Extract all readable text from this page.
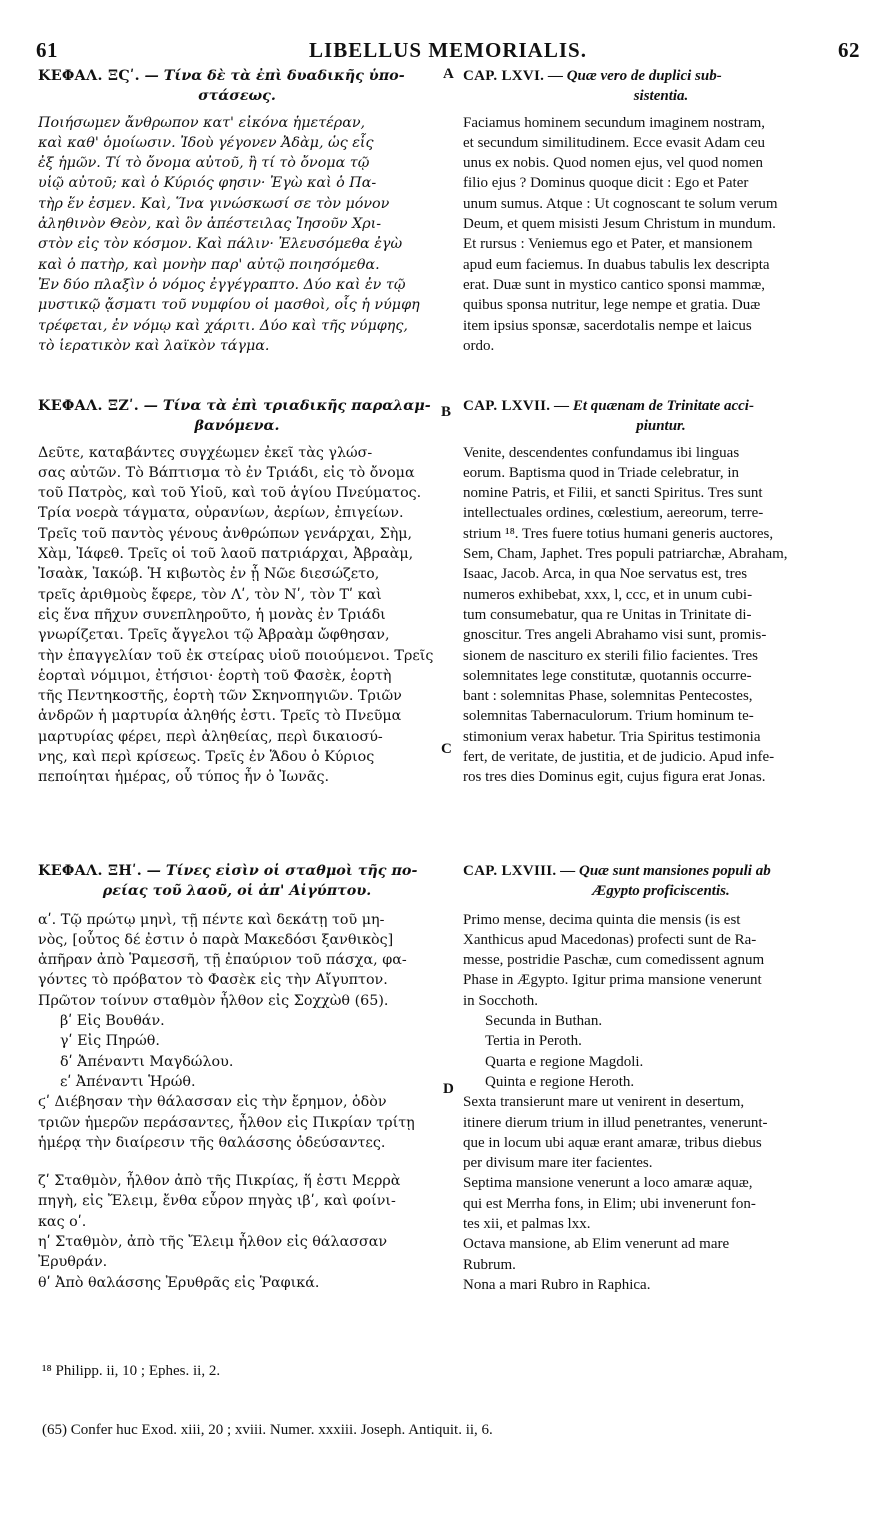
61	LIBELLUS MEMORIALIS.	62
ΚΕΦΑΛ. ΞϚʹ. — Τίνα δὲ τὰ ἐπὶ δυαδικῆς ὑπο-
στάσεως.
Ποιήσωμεν ἄνθρωπον κατ' εἰκόνα ἡμετέραν,
καὶ καθ' ὁμοίωσιν. Ἰδοὺ γέγονεν Ἀδὰμ, ὡς εἷς
ἐξ ἡμῶν. Τί τὸ ὄνομα αὐτοῦ, ἢ τί τὸ ὄνομα τῷ
υἱῷ αὐτοῦ; καὶ ὁ Κύριός φησιν· Ἐγὼ καὶ ὁ Πα-
τὴρ ἕν ἐσμεν. Καὶ, Ἵνα γινώσκωσί σε τὸν μόνον
ἀληθινὸν Θεὸν, καὶ ὃν ἀπέστειλας Ἰησοῦν Χρι-
στὸν εἰς τὸν κόσμον. Καὶ πάλιν· Ἐλευσόμεθα ἐγὼ
καὶ ὁ πατὴρ, καὶ μονὴν παρ' αὐτῷ ποιησόμεθα.
Ἐν δύο πλαξὶν ὁ νόμος ἐγγέγραπτο. Δύο καὶ ἐν τῷ
μυστικῷ ᾄσματι τοῦ νυμφίου οἱ μασθοὶ, οἷς ἡ νύμφη
τρέφεται, ἐν νόμῳ καὶ χάριτι. Δύο καὶ τῆς νύμφης,
τὸ ἱερατικὸν καὶ λαϊκὸν τάγμα.
ΚΕΦΑΛ. ΞΖʹ. — Τίνα τὰ ἐπὶ τριαδικῆς παραλαμ-
βανόμενα.
Δεῦτε, καταβάντες συγχέωμεν ἐκεῖ τὰς γλώσ-
σας αὐτῶν. Τὸ Βάπτισμα τὸ ἐν Τριάδι, εἰς τὸ ὄνομα
τοῦ Πατρὸς, καὶ τοῦ Υἱοῦ, καὶ τοῦ ἁγίου Πνεύματος.
Τρία νοερὰ τάγματα, οὐρανίων, ἀερίων, ἐπιγείων.
Τρεῖς τοῦ παντὸς γένους ἀνθρώπων γενάρχαι, Σὴμ,
Χὰμ, Ἰάφεθ. Τρεῖς οἱ τοῦ λαοῦ πατριάρχαι, Ἀβραὰμ,
Ἰσαὰκ, Ἰακώβ. Ἡ κιβωτὸς ἐν ᾗ Νῶε διεσώζετο,
τρεῖς ἀριθμοὺς ἔφερε, τὸν Λʹ, τὸν Νʹ, τὸν Τʹ καὶ
εἰς ἕνα πῆχυν συνεπληροῦτο, ἡ μονὰς ἐν Τριάδι
γνωρίζεται. Τρεῖς ἄγγελοι τῷ Ἀβραὰμ ὤφθησαν,
τὴν ἐπαγγελίαν τοῦ ἐκ στείρας υἱοῦ ποιούμενοι. Τρεῖς
ἑορταὶ νόμιμοι, ἐτήσιοι· ἑορτὴ τοῦ Φασὲκ, ἑορτὴ
τῆς Πεντηκοστῆς, ἑορτὴ τῶν Σκηνοπηγιῶν. Τριῶν
ἀνδρῶν ἡ μαρτυρία ἀληθής ἐστι. Τρεῖς τὸ Πνεῦμα
μαρτυρίας φέρει, περὶ ἀληθείας, περὶ δικαιοσύ-
νης, καὶ περὶ κρίσεως. Τρεῖς ἐν Ἅδου ὁ Κύριος
πεποίηται ἡμέρας, οὗ τύπος ἦν ὁ Ἰωνᾶς.
ΚΕΦΑΛ. ΞΗʹ. — Τίνες εἰσὶν οἱ σταθμοὶ τῆς πο-
ρείας τοῦ λαοῦ, οἱ ἀπ' Αἰγύπτου.
αʹ. Τῷ πρώτῳ μηνὶ, τῇ πέντε καὶ δεκάτῃ τοῦ μη-
νὸς, [οὗτος δέ ἐστιν ὁ παρὰ Μακεδόσι ξανθικὸς]
ἀπῆραν ἀπὸ Ῥαμεσσῆ, τῇ ἐπαύριον τοῦ πάσχα, φα-
γόντες τὸ πρόβατον τὸ Φασὲκ εἰς τὴν Αἴγυπτον.
Πρῶτον τοίνυν σταθμὸν ἦλθον εἰς Σοχχὼθ (65).
βʹ Εἰς Βουθάν.
γʹ Εἰς Πηρώθ.
δʹ Ἀπέναντι Μαγδώλου.
εʹ Ἀπέναντι Ἡρώθ.
ϛʹ Διέβησαν τὴν θάλασσαν εἰς τὴν ἔρημον, ὁδὸν
τριῶν ἡμερῶν περάσαντες, ἦλθον εἰς Πικρίαν τρίτῃ
ἡμέρᾳ τὴν διαίρεσιν τῆς θαλάσσης ὁδεύσαντες.
ζʹ Σταθμὸν, ἦλθον ἀπὸ τῆς Πικρίας, ἥ ἐστι Μερρὰ
πηγὴ, εἰς Ἔλειμ, ἔνθα εὗρον πηγὰς ιβʹ, καὶ φοίνι-
κας οʹ.
ηʹ Σταθμὸν, ἀπὸ τῆς Ἔλειμ ἦλθον εἰς θάλασσαν
Ἐρυθράν.
θʹ Ἀπὸ θαλάσσης Ἐρυθρᾶς εἰς Ῥαφικά.
CAP. LXVI. — Quæ vero de duplici sub-
sistentia.
Faciamus hominem secundum imaginem nostram,
et secundum similitudinem. Ecce evasit Adam ceu
unus ex nobis. Quod nomen ejus, vel quod nomen
filio ejus ? Dominus quoque dicit : Ego et Pater
unum sumus. Atque : Ut cognoscant te solum verum
Deum, et quem misisti Jesum Christum in mundum.
Et rursus : Veniemus ego et Pater, et mansionem
apud eum faciemus. In duabus tabulis lex descripta
erat. Duæ sunt in mystico cantico sponsi mammæ,
quibus sponsa nutritur, lege nempe et gratia. Duæ
item ipsius sponsæ, sacerdotalis nempe et laicus
ordo.
CAP. LXVII. — Et quænam de Trinitate acci-
piuntur.
Venite, descendentes confundamus ibi linguas
eorum. Baptisma quod in Triade celebratur, in
nomine Patris, et Filii, et sancti Spiritus. Tres sunt
intellectuales ordines, cœlestium, aereorum, terre-
strium ¹⁸. Tres fuere totius humani generis auctores,
Sem, Cham, Japhet. Tres populi patriarchæ, Abraham,
Isaac, Jacob. Arca, in qua Noe servatus est, tres
numeros exhibebat, xxx, l, ccc, et in unum cubi-
tum consumebatur, qua re Unitas in Trinitate di-
gnoscitur. Tres angeli Abrahamo visi sunt, promis-
sionem de nasciturо ex sterili filio facientes. Tres
solemnitates lege constitutæ, quotannis occurre-
bant : solemnitas Phase, solemnitas Pentecostes,
solemnitas Tabernaculorum. Trium hominum te-
stimonium verax habetur. Tria Spiritus testimonia
fert, de veritate, de justitia, et de judicio. Apud infe-
ros tres dies Dominus egit, cujus figura erat Jonas.
CAP. LXVIII. — Quæ sunt mansiones populi ab
Ægypto proficiscentis.
Primo mense, decima quinta die mensis (is est
Xanthicus apud Macedonas) profecti sunt de Ra-
messe, postridie Paschæ, cum comedissent agnum
Phase in Ægypto. Igitur prima mansione venerunt
in Socchoth.
Secunda in Buthan.
Tertia in Peroth.
Quarta e regione Magdoli.
Quinta e regione Heroth.
Sexta transierunt mare ut venirent in desertum,
itinere dierum trium in illud penetrantes, venerunt-
que in locum ubi aquæ erant amaræ, tribus diebus
per divisum mare iter facientes.
Septima mansione venerunt a loco amaræ aquæ,
qui est Merrha fons, in Elim; ubi invenerunt fon-
tes xii, et palmas lxx.
Octava mansione, ab Elim venerunt ad mare
Rubrum.
Nona a mari Rubro in Raphica.
A
B
C
D
¹⁸ Philipp. ii, 10 ; Ephes. ii, 2.
(65) Confer huc Exod. xiii, 20 ; xviii. Numer. xxxiii. Joseph. Antiquit. ii, 6.
